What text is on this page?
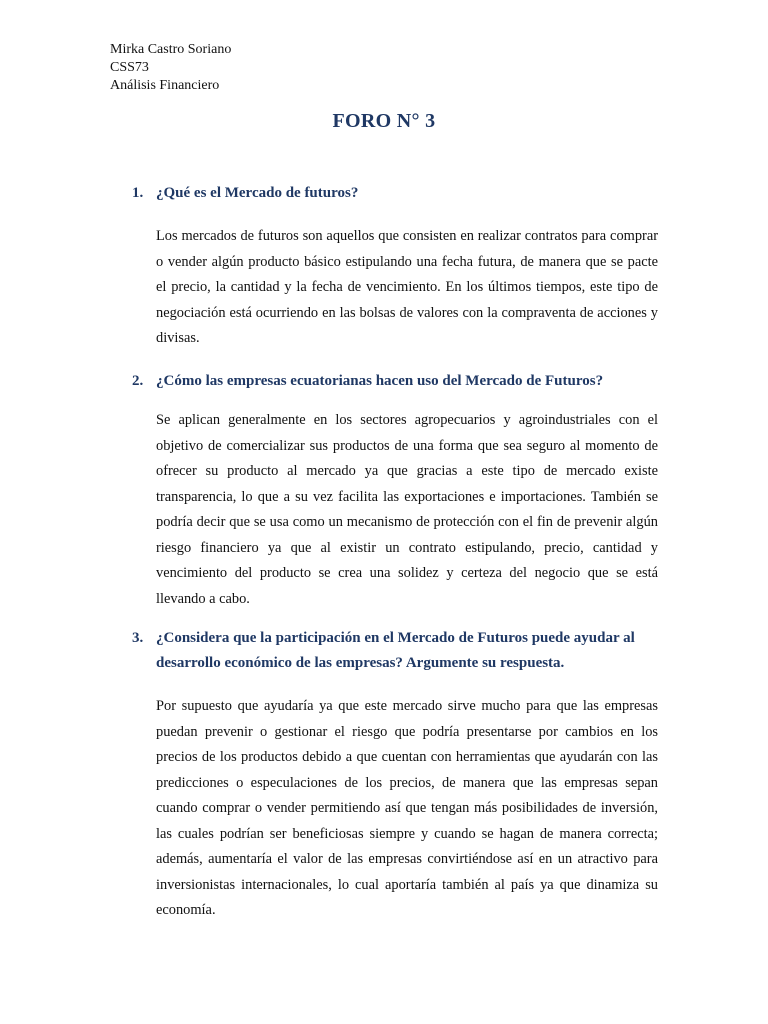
Mirka Castro Soriano
CSS73
Análisis Financiero
FORO N° 3
1. ¿Qué es el Mercado de futuros?
Los mercados de futuros son aquellos que consisten en realizar contratos para comprar o vender algún producto básico estipulando una fecha futura, de manera que se pacte el precio, la cantidad y la fecha de vencimiento. En los últimos tiempos, este tipo de negociación está ocurriendo en las bolsas de valores con la compraventa de acciones y divisas.
2. ¿Cómo las empresas ecuatorianas hacen uso del Mercado de Futuros?
Se aplican generalmente en los sectores agropecuarios y agroindustriales con el objetivo de comercializar sus productos de una forma que sea seguro al momento de ofrecer su producto al mercado ya que gracias a este tipo de mercado existe transparencia, lo que a su vez facilita las exportaciones e importaciones. También se podría decir que se usa como un mecanismo de protección con el fin de prevenir algún riesgo financiero ya que al existir un contrato estipulando, precio, cantidad y vencimiento del producto se crea una solidez y certeza del negocio que se está llevando a cabo.
3. ¿Considera que la participación en el Mercado de Futuros puede ayudar al desarrollo económico de las empresas? Argumente su respuesta.
Por supuesto que ayudaría ya que este mercado sirve mucho para que las empresas puedan prevenir o gestionar el riesgo que podría presentarse por cambios en los precios de los productos debido a que cuentan con herramientas que ayudarán con las predicciones o especulaciones de los precios, de manera que las empresas sepan cuando comprar o vender permitiendo así que tengan más posibilidades de inversión, las cuales podrían ser beneficiosas siempre y cuando se hagan de manera correcta; además, aumentaría el valor de las empresas convirtiéndose así en un atractivo para inversionistas internacionales, lo cual aportaría también al país ya que dinamiza su economía.
